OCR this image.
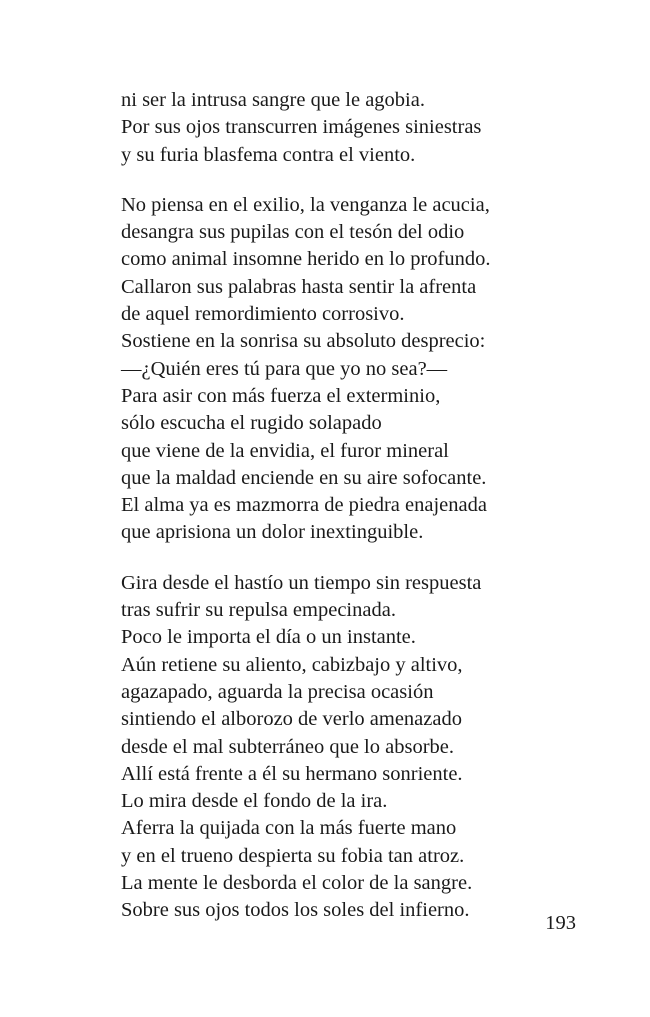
ni ser la intrusa sangre que le agobia.
Por sus ojos transcurren imágenes siniestras
y su furia blasfema contra el viento.
No piensa en el exilio, la venganza le acucia,
desangra sus pupilas con el tesón del odio
como animal insomne herido en lo profundo.
Callaron sus palabras hasta sentir la afrenta
de aquel remordimiento corrosivo.
Sostiene en la sonrisa su absoluto desprecio:
—¿Quién eres tú para que yo no sea?—
Para asir con más fuerza el exterminio,
sólo escucha el rugido solapado
que viene de la envidia, el furor mineral
que la maldad enciende en su aire sofocante.
El alma ya es mazmorra de piedra enajenada
que aprisiona un dolor inextinguible.
Gira desde el hastío un tiempo sin respuesta
tras sufrir su repulsa empecinada.
Poco le importa el día o un instante.
Aún retiene su aliento, cabizbajo y altivo,
agazapado, aguarda la precisa ocasión
sintiendo el alborozo de verlo amenazado
desde el mal subterráneo que lo absorbe.
Allí está frente a él su hermano sonriente.
Lo mira desde el fondo de la ira.
Aferra la quijada con la más fuerte mano
y en el trueno despierta su fobia tan atroz.
La mente le desborda el color de la sangre.
Sobre sus ojos todos los soles del infierno.
193
